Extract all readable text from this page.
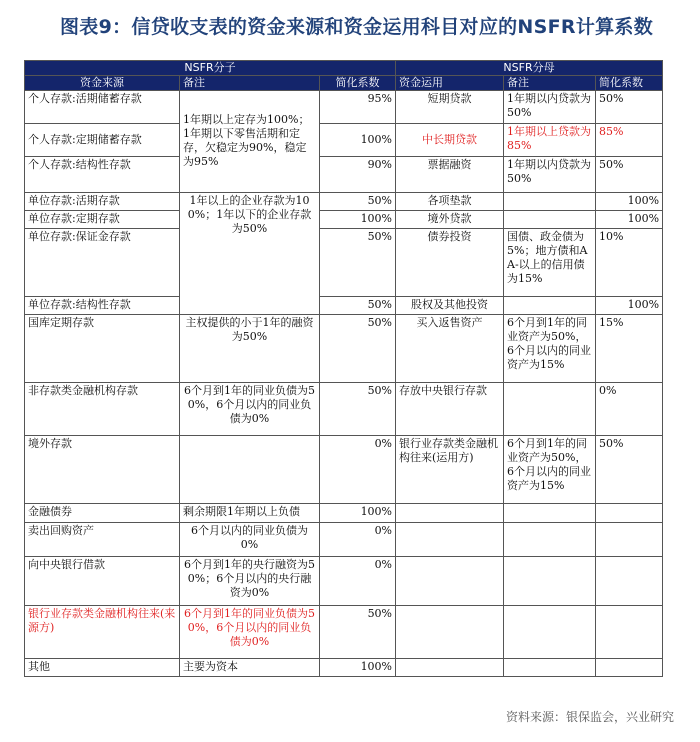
图表9：信贷收支表的资金来源和资金运用科目对应的NSFR计算系数
NSFR分子			NSFR分母		
资金来源	备注	简化系数	资金运用	备注	简化系数
个人存款:活期储蓄存款	1年期以上定存为100%；1年期以下零售活期和定存，欠稳定为90%，稳定为95%	95%	短期贷款	1年期以内贷款为50%	50%
个人存款:定期储蓄存款		100%	中长期贷款	1年期以上贷款为85%	85%
个人存款:结构性存款		90%	票据融资	1年期以内贷款为50%	50%
单位存款:活期存款	1年以上的企业存款为100%；1年以下的企业存款为50%	50%	各项垫款		100%
单位存款:定期存款		100%	境外贷款		100%
单位存款:保证金存款		50%	债券投资	国债、政金债为5%；地方债和AA-以上的信用债为15%	10%
单位存款:结构性存款		50%	股权及其他投资		100%
国库定期存款	主权提供的小于1年的融资为50%	50%	买入返售资产	6个月到1年的同业资产为50%，6个月以内的同业资产为15%	15%
非存款类金融机构存款	6个月到1年的同业负债为50%，6个月以内的同业负债为0%	50%	存放中央银行存款		0%
境外存款		0%	银行业存款类金融机构往来(运用方)	6个月到1年的同业资产为50%，6个月以内的同业资产为15%	50%
金融债券	剩余期限1年期以上负债	100%			
卖出回购资产	6个月以内的同业负债为0%	0%			
向中央银行借款	6个月到1年的央行融资为50%；6个月以内的央行融资为0%	0%			
银行业存款类金融机构往来(来源方)	6个月到1年的同业负债为50%，6个月以内的同业负债为0%	50%			
其他	主要为资本	100%			
资料来源：银保监会，兴业研究
